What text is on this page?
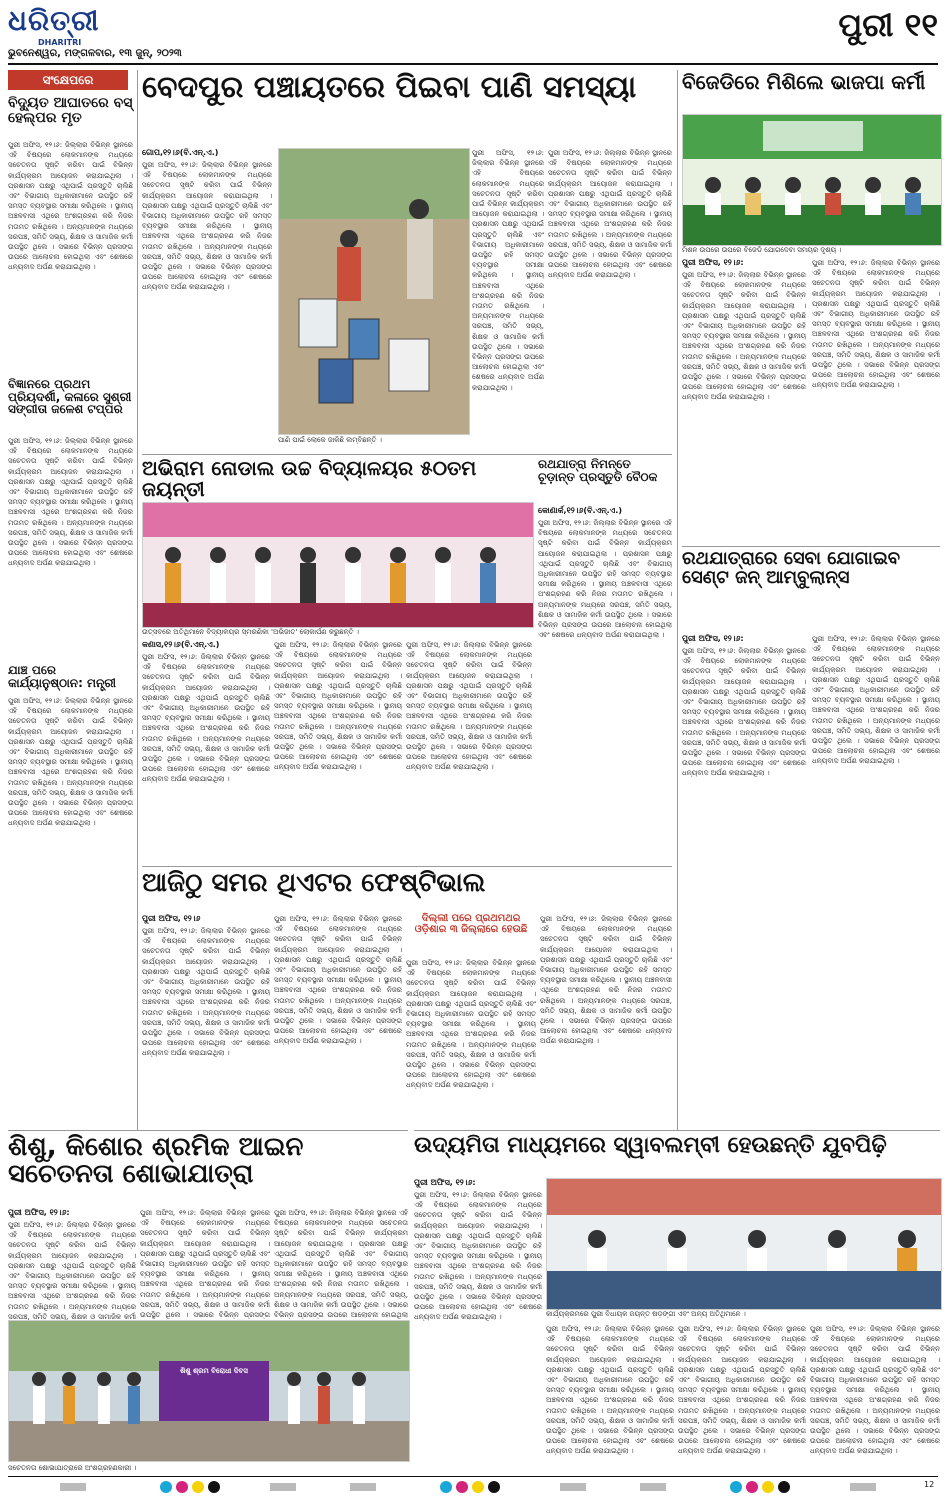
ଧରିତ୍ରୀ
DHARITRI	ପୁରୀ ୧୧
ଭୁବନେଶ୍ୱର, ମଙ୍ଗଳବାର, ୧୩ ଜୁନ୍, ୨୦୨୩
ସଂକ୍ଷେପରେ
ବିଦ୍ୟୁତ ଆଘାତରେ ବସ୍ ହେଲ୍ପର ମୃତ
ପୁରୀ ଅଫିସ, ୧୨।୬: ଜିଲ୍ଲାର ବିଭିନ୍ନ ସ୍ଥାନରେ ଏହି ବିଷୟରେ ଲୋକମାନଙ୍କ ମଧ୍ୟରେ ସଚେତନତା ସୃଷ୍ଟି କରିବା ପାଇଁ ବିଭିନ୍ନ କାର୍ଯ୍ୟକ୍ରମ ଆୟୋଜନ କରାଯାଇଥିଲା । ପ୍ରଶାସନ ପକ୍ଷରୁ ଏଥିପାଇଁ ପ୍ରସ୍ତୁତି ଚାଲିଛି ଏବଂ ବିଭାଗୀୟ ଅଧିକାରୀମାନେ ଉପସ୍ଥିତ ରହି ସମସ୍ତ ବ୍ୟବସ୍ଥାର ସମୀକ୍ଷା କରିଥିଲେ । ସ୍ଥାନୀୟ ଅଞ୍ଚଳବାସୀ ଏଥିରେ ଅଂଶଗ୍ରହଣ କରି ନିଜର ମତାମତ ରଖିଥିଲେ । ଅନ୍ୟମାନଙ୍କ ମଧ୍ୟରେ ସରପଞ୍ଚ, ସମିତି ସଭ୍ୟ, ଶିକ୍ଷକ ଓ ସାମାଜିକ କର୍ମୀ ଉପସ୍ଥିତ ଥିଲେ । ସଭାରେ ବିଭିନ୍ନ ପ୍ରସଙ୍ଗ ଉପରେ ଆଲୋଚନା ହୋଇଥିଲା ଏବଂ ଶେଷରେ ଧନ୍ୟବାଦ ଅର୍ପଣ କରାଯାଇଥିଲା ।
ବିଜ୍ଞାନରେ ପ୍ରଥମ ପ୍ରିୟଦର୍ଶୀ, କଳାରେ ସୁଶ୍ରୀ ସଙ୍ଗୀତା ଜଳେଶ ଟପ୍ପର
ପୁରୀ ଅଫିସ, ୧୨।୬: ଜିଲ୍ଲାର ବିଭିନ୍ନ ସ୍ଥାନରେ ଏହି ବିଷୟରେ ଲୋକମାନଙ୍କ ମଧ୍ୟରେ ସଚେତନତା ସୃଷ୍ଟି କରିବା ପାଇଁ ବିଭିନ୍ନ କାର୍ଯ୍ୟକ୍ରମ ଆୟୋଜନ କରାଯାଇଥିଲା । ପ୍ରଶାସନ ପକ୍ଷରୁ ଏଥିପାଇଁ ପ୍ରସ୍ତୁତି ଚାଲିଛି ଏବଂ ବିଭାଗୀୟ ଅଧିକାରୀମାନେ ଉପସ୍ଥିତ ରହି ସମସ୍ତ ବ୍ୟବସ୍ଥାର ସମୀକ୍ଷା କରିଥିଲେ । ସ୍ଥାନୀୟ ଅଞ୍ଚଳବାସୀ ଏଥିରେ ଅଂଶଗ୍ରହଣ କରି ନିଜର ମତାମତ ରଖିଥିଲେ । ଅନ୍ୟମାନଙ୍କ ମଧ୍ୟରେ ସରପଞ୍ଚ, ସମିତି ସଭ୍ୟ, ଶିକ୍ଷକ ଓ ସାମାଜିକ କର୍ମୀ ଉପସ୍ଥିତ ଥିଲେ । ସଭାରେ ବିଭିନ୍ନ ପ୍ରସଙ୍ଗ ଉପରେ ଆଲୋଚନା ହୋଇଥିଲା ଏବଂ ଶେଷରେ ଧନ୍ୟବାଦ ଅର୍ପଣ କରାଯାଇଥିଲା ।
ଯାଞ୍ଚ ପରେ କାର୍ଯ୍ୟାନୁଷ୍ଠାନ: ମନ୍ତ୍ରୀ
ପୁରୀ ଅଫିସ, ୧୨।୬: ଜିଲ୍ଲାର ବିଭିନ୍ନ ସ୍ଥାନରେ ଏହି ବିଷୟରେ ଲୋକମାନଙ୍କ ମଧ୍ୟରେ ସଚେତନତା ସୃଷ୍ଟି କରିବା ପାଇଁ ବିଭିନ୍ନ କାର୍ଯ୍ୟକ୍ରମ ଆୟୋଜନ କରାଯାଇଥିଲା । ପ୍ରଶାସନ ପକ୍ଷରୁ ଏଥିପାଇଁ ପ୍ରସ୍ତୁତି ଚାଲିଛି ଏବଂ ବିଭାଗୀୟ ଅଧିକାରୀମାନେ ଉପସ୍ଥିତ ରହି ସମସ୍ତ ବ୍ୟବସ୍ଥାର ସମୀକ୍ଷା କରିଥିଲେ । ସ୍ଥାନୀୟ ଅଞ୍ଚଳବାସୀ ଏଥିରେ ଅଂଶଗ୍ରହଣ କରି ନିଜର ମତାମତ ରଖିଥିଲେ । ଅନ୍ୟମାନଙ୍କ ମଧ୍ୟରେ ସରପଞ୍ଚ, ସମିତି ସଭ୍ୟ, ଶିକ୍ଷକ ଓ ସାମାଜିକ କର୍ମୀ ଉପସ୍ଥିତ ଥିଲେ । ସଭାରେ ବିଭିନ୍ନ ପ୍ରସଙ୍ଗ ଉପରେ ଆଲୋଚନା ହୋଇଥିଲା ଏବଂ ଶେଷରେ ଧନ୍ୟବାଦ ଅର୍ପଣ କରାଯାଇଥିଲା ।
ବେଦପୁର ପଞ୍ଚାୟତରେ ପିଇବା ପାଣି ସମସ୍ୟା
ଗୋପ,୧୨।୬(ବି.ଏନ୍.ଏ.)
ପୁରୀ ଅଫିସ, ୧୨।୬: ଜିଲ୍ଲାର ବିଭିନ୍ନ ସ୍ଥାନରେ ଏହି ବିଷୟରେ ଲୋକମାନଙ୍କ ମଧ୍ୟରେ ସଚେତନତା ସୃଷ୍ଟି କରିବା ପାଇଁ ବିଭିନ୍ନ କାର୍ଯ୍ୟକ୍ରମ ଆୟୋଜନ କରାଯାଇଥିଲା । ପ୍ରଶାସନ ପକ୍ଷରୁ ଏଥିପାଇଁ ପ୍ରସ୍ତୁତି ଚାଲିଛି ଏବଂ ବିଭାଗୀୟ ଅଧିକାରୀମାନେ ଉପସ୍ଥିତ ରହି ସମସ୍ତ ବ୍ୟବସ୍ଥାର ସମୀକ୍ଷା କରିଥିଲେ । ସ୍ଥାନୀୟ ଅଞ୍ଚଳବାସୀ ଏଥିରେ ଅଂଶଗ୍ରହଣ କରି ନିଜର ମତାମତ ରଖିଥିଲେ । ଅନ୍ୟମାନଙ୍କ ମଧ୍ୟରେ ସରପଞ୍ଚ, ସମିତି ସଭ୍ୟ, ଶିକ୍ଷକ ଓ ସାମାଜିକ କର୍ମୀ ଉପସ୍ଥିତ ଥିଲେ । ସଭାରେ ବିଭିନ୍ନ ପ୍ରସଙ୍ଗ ଉପରେ ଆଲୋଚନା ହୋଇଥିଲା ଏବଂ ଶେଷରେ ଧନ୍ୟବାଦ ଅର୍ପଣ କରାଯାଇଥିଲା ।
ପାଣି ପାଇଁ ଲୋକେ ଜାକିଛି ଲମ୍ବିଛନ୍ତି ।
ପୁରୀ ଅଫିସ, ୧୨।୬: ଜିଲ୍ଲାର ବିଭିନ୍ନ ସ୍ଥାନରେ ଏହି ବିଷୟରେ ଲୋକମାନଙ୍କ ମଧ୍ୟରେ ସଚେତନତା ସୃଷ୍ଟି କରିବା ପାଇଁ ବିଭିନ୍ନ କାର୍ଯ୍ୟକ୍ରମ ଆୟୋଜନ କରାଯାଇଥିଲା । ପ୍ରଶାସନ ପକ୍ଷରୁ ଏଥିପାଇଁ ପ୍ରସ୍ତୁତି ଚାଲିଛି ଏବଂ ବିଭାଗୀୟ ଅଧିକାରୀମାନେ ଉପସ୍ଥିତ ରହି ସମସ୍ତ ବ୍ୟବସ୍ଥାର ସମୀକ୍ଷା କରିଥିଲେ । ସ୍ଥାନୀୟ ଅଞ୍ଚଳବାସୀ ଏଥିରେ ଅଂଶଗ୍ରହଣ କରି ନିଜର ମତାମତ ରଖିଥିଲେ । ଅନ୍ୟମାନଙ୍କ ମଧ୍ୟରେ ସରପଞ୍ଚ, ସମିତି ସଭ୍ୟ, ଶିକ୍ଷକ ଓ ସାମାଜିକ କର୍ମୀ ଉପସ୍ଥିତ ଥିଲେ । ସଭାରେ ବିଭିନ୍ନ ପ୍ରସଙ୍ଗ ଉପରେ ଆଲୋଚନା ହୋଇଥିଲା ଏବଂ ଶେଷରେ ଧନ୍ୟବାଦ ଅର୍ପଣ କରାଯାଇଥିଲା ।
ପୁରୀ ଅଫିସ, ୧୨।୬: ଜିଲ୍ଲାର ବିଭିନ୍ନ ସ୍ଥାନରେ ଏହି ବିଷୟରେ ଲୋକମାନଙ୍କ ମଧ୍ୟରେ ସଚେତନତା ସୃଷ୍ଟି କରିବା ପାଇଁ ବିଭିନ୍ନ କାର୍ଯ୍ୟକ୍ରମ ଆୟୋଜନ କରାଯାଇଥିଲା । ପ୍ରଶାସନ ପକ୍ଷରୁ ଏଥିପାଇଁ ପ୍ରସ୍ତୁତି ଚାଲିଛି ଏବଂ ବିଭାଗୀୟ ଅଧିକାରୀମାନେ ଉପସ୍ଥିତ ରହି ସମସ୍ତ ବ୍ୟବସ୍ଥାର ସମୀକ୍ଷା କରିଥିଲେ । ସ୍ଥାନୀୟ ଅଞ୍ଚଳବାସୀ ଏଥିରେ ଅଂଶଗ୍ରହଣ କରି ନିଜର ମତାମତ ରଖିଥିଲେ । ଅନ୍ୟମାନଙ୍କ ମଧ୍ୟରେ ସରପଞ୍ଚ, ସମିତି ସଭ୍ୟ, ଶିକ୍ଷକ ଓ ସାମାଜିକ କର୍ମୀ ଉପସ୍ଥିତ ଥିଲେ । ସଭାରେ ବିଭିନ୍ନ ପ୍ରସଙ୍ଗ ଉପରେ ଆଲୋଚନା ହୋଇଥିଲା ଏବଂ ଶେଷରେ ଧନ୍ୟବାଦ ଅର୍ପଣ କରାଯାଇଥିଲା ।
ବିଜେଡିରେ ମିଶିଲେ ଭାଜପା କର୍ମୀ
ମିଶନ ଉପରେ ଉପରେ ବିଜେଡି ଯୋଗଦେବା ସମୟର ଦୃଶ୍ୟ ।
ପୁରୀ ଅଫିସ, ୧୨।୬:
ପୁରୀ ଅଫିସ, ୧୨।୬: ଜିଲ୍ଲାର ବିଭିନ୍ନ ସ୍ଥାନରେ ଏହି ବିଷୟରେ ଲୋକମାନଙ୍କ ମଧ୍ୟରେ ସଚେତନତା ସୃଷ୍ଟି କରିବା ପାଇଁ ବିଭିନ୍ନ କାର୍ଯ୍ୟକ୍ରମ ଆୟୋଜନ କରାଯାଇଥିଲା । ପ୍ରଶାସନ ପକ୍ଷରୁ ଏଥିପାଇଁ ପ୍ରସ୍ତୁତି ଚାଲିଛି ଏବଂ ବିଭାଗୀୟ ଅଧିକାରୀମାନେ ଉପସ୍ଥିତ ରହି ସମସ୍ତ ବ୍ୟବସ୍ଥାର ସମୀକ୍ଷା କରିଥିଲେ । ସ୍ଥାନୀୟ ଅଞ୍ଚଳବାସୀ ଏଥିରେ ଅଂଶଗ୍ରହଣ କରି ନିଜର ମତାମତ ରଖିଥିଲେ । ଅନ୍ୟମାନଙ୍କ ମଧ୍ୟରେ ସରପଞ୍ଚ, ସମିତି ସଭ୍ୟ, ଶିକ୍ଷକ ଓ ସାମାଜିକ କର୍ମୀ ଉପସ୍ଥିତ ଥିଲେ । ସଭାରେ ବିଭିନ୍ନ ପ୍ରସଙ୍ଗ ଉପରେ ଆଲୋଚନା ହୋଇଥିଲା ଏବଂ ଶେଷରେ ଧନ୍ୟବାଦ ଅର୍ପଣ କରାଯାଇଥିଲା ।
ପୁରୀ ଅଫିସ, ୧୨।୬: ଜିଲ୍ଲାର ବିଭିନ୍ନ ସ୍ଥାନରେ ଏହି ବିଷୟରେ ଲୋକମାନଙ୍କ ମଧ୍ୟରେ ସଚେତନତା ସୃଷ୍ଟି କରିବା ପାଇଁ ବିଭିନ୍ନ କାର୍ଯ୍ୟକ୍ରମ ଆୟୋଜନ କରାଯାଇଥିଲା । ପ୍ରଶାସନ ପକ୍ଷରୁ ଏଥିପାଇଁ ପ୍ରସ୍ତୁତି ଚାଲିଛି ଏବଂ ବିଭାଗୀୟ ଅଧିକାରୀମାନେ ଉପସ୍ଥିତ ରହି ସମସ୍ତ ବ୍ୟବସ୍ଥାର ସମୀକ୍ଷା କରିଥିଲେ । ସ୍ଥାନୀୟ ଅଞ୍ଚଳବାସୀ ଏଥିରେ ଅଂଶଗ୍ରହଣ କରି ନିଜର ମତାମତ ରଖିଥିଲେ । ଅନ୍ୟମାନଙ୍କ ମଧ୍ୟରେ ସରପଞ୍ଚ, ସମିତି ସଭ୍ୟ, ଶିକ୍ଷକ ଓ ସାମାଜିକ କର୍ମୀ ଉପସ୍ଥିତ ଥିଲେ । ସଭାରେ ବିଭିନ୍ନ ପ୍ରସଙ୍ଗ ଉପରେ ଆଲୋଚନା ହୋଇଥିଲା ଏବଂ ଶେଷରେ ଧନ୍ୟବାଦ ଅର୍ପଣ କରାଯାଇଥିଲା ।
ଅଭିରାମ ନୋଡାଲ ଉଚ୍ଚ ବିଦ୍ୟାଳୟର ୫୦ତମ ଜୟନ୍ତୀ
ଉତ୍ସବରେ ଅତିଥିମାନେ ବିଦ୍ୟାଳୟର ସ୍ମରଣିକା 'ଅଭିଜାତ' ଲୋକାର୍ପଣ କରୁଛନ୍ତି ।
କଣାସ,୧୨।୬(ବି.ଏନ୍.ଏ.)
ପୁରୀ ଅଫିସ, ୧୨।୬: ଜିଲ୍ଲାର ବିଭିନ୍ନ ସ୍ଥାନରେ ଏହି ବିଷୟରେ ଲୋକମାନଙ୍କ ମଧ୍ୟରେ ସଚେତନତା ସୃଷ୍ଟି କରିବା ପାଇଁ ବିଭିନ୍ନ କାର୍ଯ୍ୟକ୍ରମ ଆୟୋଜନ କରାଯାଇଥିଲା । ପ୍ରଶାସନ ପକ୍ଷରୁ ଏଥିପାଇଁ ପ୍ରସ୍ତୁତି ଚାଲିଛି ଏବଂ ବିଭାଗୀୟ ଅଧିକାରୀମାନେ ଉପସ୍ଥିତ ରହି ସମସ୍ତ ବ୍ୟବସ୍ଥାର ସମୀକ୍ଷା କରିଥିଲେ । ସ୍ଥାନୀୟ ଅଞ୍ଚଳବାସୀ ଏଥିରେ ଅଂଶଗ୍ରହଣ କରି ନିଜର ମତାମତ ରଖିଥିଲେ । ଅନ୍ୟମାନଙ୍କ ମଧ୍ୟରେ ସରପଞ୍ଚ, ସମିତି ସଭ୍ୟ, ଶିକ୍ଷକ ଓ ସାମାଜିକ କର୍ମୀ ଉପସ୍ଥିତ ଥିଲେ । ସଭାରେ ବିଭିନ୍ନ ପ୍ରସଙ୍ଗ ଉପରେ ଆଲୋଚନା ହୋଇଥିଲା ଏବଂ ଶେଷରେ ଧନ୍ୟବାଦ ଅର୍ପଣ କରାଯାଇଥିଲା ।
ପୁରୀ ଅଫିସ, ୧୨।୬: ଜିଲ୍ଲାର ବିଭିନ୍ନ ସ୍ଥାନରେ ଏହି ବିଷୟରେ ଲୋକମାନଙ୍କ ମଧ୍ୟରେ ସଚେତନତା ସୃଷ୍ଟି କରିବା ପାଇଁ ବିଭିନ୍ନ କାର୍ଯ୍ୟକ୍ରମ ଆୟୋଜନ କରାଯାଇଥିଲା । ପ୍ରଶାସନ ପକ୍ଷରୁ ଏଥିପାଇଁ ପ୍ରସ୍ତୁତି ଚାଲିଛି ଏବଂ ବିଭାଗୀୟ ଅଧିକାରୀମାନେ ଉପସ୍ଥିତ ରହି ସମସ୍ତ ବ୍ୟବସ୍ଥାର ସମୀକ୍ଷା କରିଥିଲେ । ସ୍ଥାନୀୟ ଅଞ୍ଚଳବାସୀ ଏଥିରେ ଅଂଶଗ୍ରହଣ କରି ନିଜର ମତାମତ ରଖିଥିଲେ । ଅନ୍ୟମାନଙ୍କ ମଧ୍ୟରେ ସରପଞ୍ଚ, ସମିତି ସଭ୍ୟ, ଶିକ୍ଷକ ଓ ସାମାଜିକ କର୍ମୀ ଉପସ୍ଥିତ ଥିଲେ । ସଭାରେ ବିଭିନ୍ନ ପ୍ରସଙ୍ଗ ଉପରେ ଆଲୋଚନା ହୋଇଥିଲା ଏବଂ ଶେଷରେ ଧନ୍ୟବାଦ ଅର୍ପଣ କରାଯାଇଥିଲା ।
ପୁରୀ ଅଫିସ, ୧୨।୬: ଜିଲ୍ଲାର ବିଭିନ୍ନ ସ୍ଥାନରେ ଏହି ବିଷୟରେ ଲୋକମାନଙ୍କ ମଧ୍ୟରେ ସଚେତନତା ସୃଷ୍ଟି କରିବା ପାଇଁ ବିଭିନ୍ନ କାର୍ଯ୍ୟକ୍ରମ ଆୟୋଜନ କରାଯାଇଥିଲା । ପ୍ରଶାସନ ପକ୍ଷରୁ ଏଥିପାଇଁ ପ୍ରସ୍ତୁତି ଚାଲିଛି ଏବଂ ବିଭାଗୀୟ ଅଧିକାରୀମାନେ ଉପସ୍ଥିତ ରହି ସମସ୍ତ ବ୍ୟବସ୍ଥାର ସମୀକ୍ଷା କରିଥିଲେ । ସ୍ଥାନୀୟ ଅଞ୍ଚଳବାସୀ ଏଥିରେ ଅଂଶଗ୍ରହଣ କରି ନିଜର ମତାମତ ରଖିଥିଲେ । ଅନ୍ୟମାନଙ୍କ ମଧ୍ୟରେ ସରପଞ୍ଚ, ସମିତି ସଭ୍ୟ, ଶିକ୍ଷକ ଓ ସାମାଜିକ କର୍ମୀ ଉପସ୍ଥିତ ଥିଲେ । ସଭାରେ ବିଭିନ୍ନ ପ୍ରସଙ୍ଗ ଉପରେ ଆଲୋଚନା ହୋଇଥିଲା ଏବଂ ଶେଷରେ ଧନ୍ୟବାଦ ଅର୍ପଣ କରାଯାଇଥିଲା ।
ରଥଯାତ୍ରା ନିମନ୍ତେ ଚୂଡ଼ାନ୍ତ ପ୍ରସ୍ତୁତି ବୈଠକ
କୋଣାର୍କ,୧୨।୬(ବି.ଏନ୍.ଏ.)
ପୁରୀ ଅଫିସ, ୧୨।୬: ଜିଲ୍ଲାର ବିଭିନ୍ନ ସ୍ଥାନରେ ଏହି ବିଷୟରେ ଲୋକମାନଙ୍କ ମଧ୍ୟରେ ସଚେତନତା ସୃଷ୍ଟି କରିବା ପାଇଁ ବିଭିନ୍ନ କାର୍ଯ୍ୟକ୍ରମ ଆୟୋଜନ କରାଯାଇଥିଲା । ପ୍ରଶାସନ ପକ୍ଷରୁ ଏଥିପାଇଁ ପ୍ରସ୍ତୁତି ଚାଲିଛି ଏବଂ ବିଭାଗୀୟ ଅଧିକାରୀମାନେ ଉପସ୍ଥିତ ରହି ସମସ୍ତ ବ୍ୟବସ୍ଥାର ସମୀକ୍ଷା କରିଥିଲେ । ସ୍ଥାନୀୟ ଅଞ୍ଚଳବାସୀ ଏଥିରେ ଅଂଶଗ୍ରହଣ କରି ନିଜର ମତାମତ ରଖିଥିଲେ । ଅନ୍ୟମାନଙ୍କ ମଧ୍ୟରେ ସରପଞ୍ଚ, ସମିତି ସଭ୍ୟ, ଶିକ୍ଷକ ଓ ସାମାଜିକ କର୍ମୀ ଉପସ୍ଥିତ ଥିଲେ । ସଭାରେ ବିଭିନ୍ନ ପ୍ରସଙ୍ଗ ଉପରେ ଆଲୋଚନା ହୋଇଥିଲା ଏବଂ ଶେଷରେ ଧନ୍ୟବାଦ ଅର୍ପଣ କରାଯାଇଥିଲା ।
ରଥଯାତ୍ରାରେ ସେବା ଯୋଗାଇବ ସେଣ୍ଟ ଜନ୍ ଆମ୍ବୁଲାନ୍ସ
ପୁରୀ ଅଫିସ, ୧୨।୬:
ପୁରୀ ଅଫିସ, ୧୨।୬: ଜିଲ୍ଲାର ବିଭିନ୍ନ ସ୍ଥାନରେ ଏହି ବିଷୟରେ ଲୋକମାନଙ୍କ ମଧ୍ୟରେ ସଚେତନତା ସୃଷ୍ଟି କରିବା ପାଇଁ ବିଭିନ୍ନ କାର୍ଯ୍ୟକ୍ରମ ଆୟୋଜନ କରାଯାଇଥିଲା । ପ୍ରଶାସନ ପକ୍ଷରୁ ଏଥିପାଇଁ ପ୍ରସ୍ତୁତି ଚାଲିଛି ଏବଂ ବିଭାଗୀୟ ଅଧିକାରୀମାନେ ଉପସ୍ଥିତ ରହି ସମସ୍ତ ବ୍ୟବସ୍ଥାର ସମୀକ୍ଷା କରିଥିଲେ । ସ୍ଥାନୀୟ ଅଞ୍ଚଳବାସୀ ଏଥିରେ ଅଂଶଗ୍ରହଣ କରି ନିଜର ମତାମତ ରଖିଥିଲେ । ଅନ୍ୟମାନଙ୍କ ମଧ୍ୟରେ ସରପଞ୍ଚ, ସମିତି ସଭ୍ୟ, ଶିକ୍ଷକ ଓ ସାମାଜିକ କର୍ମୀ ଉପସ୍ଥିତ ଥିଲେ । ସଭାରେ ବିଭିନ୍ନ ପ୍ରସଙ୍ଗ ଉପରେ ଆଲୋଚନା ହୋଇଥିଲା ଏବଂ ଶେଷରେ ଧନ୍ୟବାଦ ଅର୍ପଣ କରାଯାଇଥିଲା ।
ପୁରୀ ଅଫିସ, ୧୨।୬: ଜିଲ୍ଲାର ବିଭିନ୍ନ ସ୍ଥାନରେ ଏହି ବିଷୟରେ ଲୋକମାନଙ୍କ ମଧ୍ୟରେ ସଚେତନତା ସୃଷ୍ଟି କରିବା ପାଇଁ ବିଭିନ୍ନ କାର୍ଯ୍ୟକ୍ରମ ଆୟୋଜନ କରାଯାଇଥିଲା । ପ୍ରଶାସନ ପକ୍ଷରୁ ଏଥିପାଇଁ ପ୍ରସ୍ତୁତି ଚାଲିଛି ଏବଂ ବିଭାଗୀୟ ଅଧିକାରୀମାନେ ଉପସ୍ଥିତ ରହି ସମସ୍ତ ବ୍ୟବସ୍ଥାର ସମୀକ୍ଷା କରିଥିଲେ । ସ୍ଥାନୀୟ ଅଞ୍ଚଳବାସୀ ଏଥିରେ ଅଂଶଗ୍ରହଣ କରି ନିଜର ମତାମତ ରଖିଥିଲେ । ଅନ୍ୟମାନଙ୍କ ମଧ୍ୟରେ ସରପଞ୍ଚ, ସମିତି ସଭ୍ୟ, ଶିକ୍ଷକ ଓ ସାମାଜିକ କର୍ମୀ ଉପସ୍ଥିତ ଥିଲେ । ସଭାରେ ବିଭିନ୍ନ ପ୍ରସଙ୍ଗ ଉପରେ ଆଲୋଚନା ହୋଇଥିଲା ଏବଂ ଶେଷରେ ଧନ୍ୟବାଦ ଅର୍ପଣ କରାଯାଇଥିଲା ।
ଆଜିଠୁ ସମର ଥିଏଟର ଫେଷ୍ଟିଭାଲ
ପୁରୀ ଅଫିସ, ୧୨।୬
ପୁରୀ ଅଫିସ, ୧୨।୬: ଜିଲ୍ଲାର ବିଭିନ୍ନ ସ୍ଥାନରେ ଏହି ବିଷୟରେ ଲୋକମାନଙ୍କ ମଧ୍ୟରେ ସଚେତନତା ସୃଷ୍ଟି କରିବା ପାଇଁ ବିଭିନ୍ନ କାର୍ଯ୍ୟକ୍ରମ ଆୟୋଜନ କରାଯାଇଥିଲା । ପ୍ରଶାସନ ପକ୍ଷରୁ ଏଥିପାଇଁ ପ୍ରସ୍ତୁତି ଚାଲିଛି ଏବଂ ବିଭାଗୀୟ ଅଧିକାରୀମାନେ ଉପସ୍ଥିତ ରହି ସମସ୍ତ ବ୍ୟବସ୍ଥାର ସମୀକ୍ଷା କରିଥିଲେ । ସ୍ଥାନୀୟ ଅଞ୍ଚଳବାସୀ ଏଥିରେ ଅଂଶଗ୍ରହଣ କରି ନିଜର ମତାମତ ରଖିଥିଲେ । ଅନ୍ୟମାନଙ୍କ ମଧ୍ୟରେ ସରପଞ୍ଚ, ସମିତି ସଭ୍ୟ, ଶିକ୍ଷକ ଓ ସାମାଜିକ କର୍ମୀ ଉପସ୍ଥିତ ଥିଲେ । ସଭାରେ ବିଭିନ୍ନ ପ୍ରସଙ୍ଗ ଉପରେ ଆଲୋଚନା ହୋଇଥିଲା ଏବଂ ଶେଷରେ ଧନ୍ୟବାଦ ଅର୍ପଣ କରାଯାଇଥିଲା ।
ପୁରୀ ଅଫିସ, ୧୨।୬: ଜିଲ୍ଲାର ବିଭିନ୍ନ ସ୍ଥାନରେ ଏହି ବିଷୟରେ ଲୋକମାନଙ୍କ ମଧ୍ୟରେ ସଚେତନତା ସୃଷ୍ଟି କରିବା ପାଇଁ ବିଭିନ୍ନ କାର୍ଯ୍ୟକ୍ରମ ଆୟୋଜନ କରାଯାଇଥିଲା । ପ୍ରଶାସନ ପକ୍ଷରୁ ଏଥିପାଇଁ ପ୍ରସ୍ତୁତି ଚାଲିଛି ଏବଂ ବିଭାଗୀୟ ଅଧିକାରୀମାନେ ଉପସ୍ଥିତ ରହି ସମସ୍ତ ବ୍ୟବସ୍ଥାର ସମୀକ୍ଷା କରିଥିଲେ । ସ୍ଥାନୀୟ ଅଞ୍ଚଳବାସୀ ଏଥିରେ ଅଂଶଗ୍ରହଣ କରି ନିଜର ମତାମତ ରଖିଥିଲେ । ଅନ୍ୟମାନଙ୍କ ମଧ୍ୟରେ ସରପଞ୍ଚ, ସମିତି ସଭ୍ୟ, ଶିକ୍ଷକ ଓ ସାମାଜିକ କର୍ମୀ ଉପସ୍ଥିତ ଥିଲେ । ସଭାରେ ବିଭିନ୍ନ ପ୍ରସଙ୍ଗ ଉପରେ ଆଲୋଚନା ହୋଇଥିଲା ଏବଂ ଶେଷରେ ଧନ୍ୟବାଦ ଅର୍ପଣ କରାଯାଇଥିଲା ।
ଦିଲ୍ଲୀ ପରେ ପ୍ରଥମଥର ଓଡ଼ିଶାର ୩ ଜିଲ୍ଲାରେ ହେଉଛି
ପୁରୀ ଅଫିସ, ୧୨।୬: ଜିଲ୍ଲାର ବିଭିନ୍ନ ସ୍ଥାନରେ ଏହି ବିଷୟରେ ଲୋକମାନଙ୍କ ମଧ୍ୟରେ ସଚେତନତା ସୃଷ୍ଟି କରିବା ପାଇଁ ବିଭିନ୍ନ କାର୍ଯ୍ୟକ୍ରମ ଆୟୋଜନ କରାଯାଇଥିଲା । ପ୍ରଶାସନ ପକ୍ଷରୁ ଏଥିପାଇଁ ପ୍ରସ୍ତୁତି ଚାଲିଛି ଏବଂ ବିଭାଗୀୟ ଅଧିକାରୀମାନେ ଉପସ୍ଥିତ ରହି ସମସ୍ତ ବ୍ୟବସ୍ଥାର ସମୀକ୍ଷା କରିଥିଲେ । ସ୍ଥାନୀୟ ଅଞ୍ଚଳବାସୀ ଏଥିରେ ଅଂଶଗ୍ରହଣ କରି ନିଜର ମତାମତ ରଖିଥିଲେ । ଅନ୍ୟମାନଙ୍କ ମଧ୍ୟରେ ସରପଞ୍ଚ, ସମିତି ସଭ୍ୟ, ଶିକ୍ଷକ ଓ ସାମାଜିକ କର୍ମୀ ଉପସ୍ଥିତ ଥିଲେ । ସଭାରେ ବିଭିନ୍ନ ପ୍ରସଙ୍ଗ ଉପରେ ଆଲୋଚନା ହୋଇଥିଲା ଏବଂ ଶେଷରେ ଧନ୍ୟବାଦ ଅର୍ପଣ କରାଯାଇଥିଲା ।
ପୁରୀ ଅଫିସ, ୧୨।୬: ଜିଲ୍ଲାର ବିଭିନ୍ନ ସ୍ଥାନରେ ଏହି ବିଷୟରେ ଲୋକମାନଙ୍କ ମଧ୍ୟରେ ସଚେତନତା ସୃଷ୍ଟି କରିବା ପାଇଁ ବିଭିନ୍ନ କାର୍ଯ୍ୟକ୍ରମ ଆୟୋଜନ କରାଯାଇଥିଲା । ପ୍ରଶାସନ ପକ୍ଷରୁ ଏଥିପାଇଁ ପ୍ରସ୍ତୁତି ଚାଲିଛି ଏବଂ ବିଭାଗୀୟ ଅଧିକାରୀମାନେ ଉପସ୍ଥିତ ରହି ସମସ୍ତ ବ୍ୟବସ୍ଥାର ସମୀକ୍ଷା କରିଥିଲେ । ସ୍ଥାନୀୟ ଅଞ୍ଚଳବାସୀ ଏଥିରେ ଅଂଶଗ୍ରହଣ କରି ନିଜର ମତାମତ ରଖିଥିଲେ । ଅନ୍ୟମାନଙ୍କ ମଧ୍ୟରେ ସରପଞ୍ଚ, ସମିତି ସଭ୍ୟ, ଶିକ୍ଷକ ଓ ସାମାଜିକ କର୍ମୀ ଉପସ୍ଥିତ ଥିଲେ । ସଭାରେ ବିଭିନ୍ନ ପ୍ରସଙ୍ଗ ଉପରେ ଆଲୋଚନା ହୋଇଥିଲା ଏବଂ ଶେଷରେ ଧନ୍ୟବାଦ ଅର୍ପଣ କରାଯାଇଥିଲା ।
ଶିଶୁ, କିଶୋର ଶ୍ରମିକ ଆଇନ ସଚେତନତା ଶୋଭାଯାତ୍ରା
ପୁରୀ ଅଫିସ, ୧୨।୬:
ପୁରୀ ଅଫିସ, ୧୨।୬: ଜିଲ୍ଲାର ବିଭିନ୍ନ ସ୍ଥାନରେ ଏହି ବିଷୟରେ ଲୋକମାନଙ୍କ ମଧ୍ୟରେ ସଚେତନତା ସୃଷ୍ଟି କରିବା ପାଇଁ ବିଭିନ୍ନ କାର୍ଯ୍ୟକ୍ରମ ଆୟୋଜନ କରାଯାଇଥିଲା । ପ୍ରଶାସନ ପକ୍ଷରୁ ଏଥିପାଇଁ ପ୍ରସ୍ତୁତି ଚାଲିଛି ଏବଂ ବିଭାଗୀୟ ଅଧିକାରୀମାନେ ଉପସ୍ଥିତ ରହି ସମସ୍ତ ବ୍ୟବସ୍ଥାର ସମୀକ୍ଷା କରିଥିଲେ । ସ୍ଥାନୀୟ ଅଞ୍ଚଳବାସୀ ଏଥିରେ ଅଂଶଗ୍ରହଣ କରି ନିଜର ମତାମତ ରଖିଥିଲେ । ଅନ୍ୟମାନଙ୍କ ମଧ୍ୟରେ ସରପଞ୍ଚ, ସମିତି ସଭ୍ୟ, ଶିକ୍ଷକ ଓ ସାମାଜିକ କର୍ମୀ
ପୁରୀ ଅଫିସ, ୧୨।୬: ଜିଲ୍ଲାର ବିଭିନ୍ନ ସ୍ଥାନରେ ଏହି ବିଷୟରେ ଲୋକମାନଙ୍କ ମଧ୍ୟରେ ସଚେତନତା ସୃଷ୍ଟି କରିବା ପାଇଁ ବିଭିନ୍ନ କାର୍ଯ୍ୟକ୍ରମ ଆୟୋଜନ କରାଯାଇଥିଲା । ପ୍ରଶାସନ ପକ୍ଷରୁ ଏଥିପାଇଁ ପ୍ରସ୍ତୁତି ଚାଲିଛି ଏବଂ ବିଭାଗୀୟ ଅଧିକାରୀମାନେ ଉପସ୍ଥିତ ରହି ସମସ୍ତ ବ୍ୟବସ୍ଥାର ସମୀକ୍ଷା କରିଥିଲେ । ସ୍ଥାନୀୟ ଅଞ୍ଚଳବାସୀ ଏଥିରେ ଅଂଶଗ୍ରହଣ କରି ନିଜର ମତାମତ ରଖିଥିଲେ । ଅନ୍ୟମାନଙ୍କ ମଧ୍ୟରେ ସରପଞ୍ଚ, ସମିତି ସଭ୍ୟ, ଶିକ୍ଷକ ଓ ସାମାଜିକ କର୍ମୀ ଉପସ୍ଥିତ ଥିଲେ । ସଭାରେ ବିଭିନ୍ନ ପ୍ରସଙ୍ଗ
ପୁରୀ ଅଫିସ, ୧୨।୬: ଜିଲ୍ଲାର ବିଭିନ୍ନ ସ୍ଥାନରେ ଏହି ବିଷୟରେ ଲୋକମାନଙ୍କ ମଧ୍ୟରେ ସଚେତନତା ସୃଷ୍ଟି କରିବା ପାଇଁ ବିଭିନ୍ନ କାର୍ଯ୍ୟକ୍ରମ ଆୟୋଜନ କରାଯାଇଥିଲା । ପ୍ରଶାସନ ପକ୍ଷରୁ ଏଥିପାଇଁ ପ୍ରସ୍ତୁତି ଚାଲିଛି ଏବଂ ବିଭାଗୀୟ ଅଧିକାରୀମାନେ ଉପସ୍ଥିତ ରହି ସମସ୍ତ ବ୍ୟବସ୍ଥାର ସମୀକ୍ଷା କରିଥିଲେ । ସ୍ଥାନୀୟ ଅଞ୍ଚଳବାସୀ ଏଥିରେ ଅଂଶଗ୍ରହଣ କରି ନିଜର ମତାମତ ରଖିଥିଲେ । ଅନ୍ୟମାନଙ୍କ ମଧ୍ୟରେ ସରପଞ୍ଚ, ସମିତି ସଭ୍ୟ, ଶିକ୍ଷକ ଓ ସାମାଜିକ କର୍ମୀ ଉପସ୍ଥିତ ଥିଲେ । ସଭାରେ ବିଭିନ୍ନ ପ୍ରସଙ୍ଗ ଉପରେ ଆଲୋଚନା ହୋଇଥିଲା
ଶିଶୁ ଶ୍ରମ ବିରୋଧୀ ଦିବସ
ସଚେତନତା ଶୋଭାଯାତ୍ରାରେ ଅଂଶଗ୍ରହଣକାରୀ ।
ଉଦ୍ୟମିତା ମାଧ୍ୟମରେ ସ୍ୱାବଲମ୍ବୀ ହେଉଛନ୍ତି ଯୁବପିଢ଼ି
ପୁରୀ ଅଫିସ, ୧୨।୬:
ପୁରୀ ଅଫିସ, ୧୨।୬: ଜିଲ୍ଲାର ବିଭିନ୍ନ ସ୍ଥାନରେ ଏହି ବିଷୟରେ ଲୋକମାନଙ୍କ ମଧ୍ୟରେ ସଚେତନତା ସୃଷ୍ଟି କରିବା ପାଇଁ ବିଭିନ୍ନ କାର୍ଯ୍ୟକ୍ରମ ଆୟୋଜନ କରାଯାଇଥିଲା । ପ୍ରଶାସନ ପକ୍ଷରୁ ଏଥିପାଇଁ ପ୍ରସ୍ତୁତି ଚାଲିଛି ଏବଂ ବିଭାଗୀୟ ଅଧିକାରୀମାନେ ଉପସ୍ଥିତ ରହି ସମସ୍ତ ବ୍ୟବସ୍ଥାର ସମୀକ୍ଷା କରିଥିଲେ । ସ୍ଥାନୀୟ ଅଞ୍ଚଳବାସୀ ଏଥିରେ ଅଂଶଗ୍ରହଣ କରି ନିଜର ମତାମତ ରଖିଥିଲେ । ଅନ୍ୟମାନଙ୍କ ମଧ୍ୟରେ ସରପଞ୍ଚ, ସମିତି ସଭ୍ୟ, ଶିକ୍ଷକ ଓ ସାମାଜିକ କର୍ମୀ ଉପସ୍ଥିତ ଥିଲେ । ସଭାରେ ବିଭିନ୍ନ ପ୍ରସଙ୍ଗ ଉପରେ ଆଲୋଚନା ହୋଇଥିଲା ଏବଂ ଶେଷରେ ଧନ୍ୟବାଦ ଅର୍ପଣ କରାଯାଇଥିଲା ।	କାର୍ଯ୍ୟକ୍ରମରେ ପୁରୀ ବିଧାୟକ ଜୟନ୍ତ ଷଡ଼ଙ୍ଗୀ ଏବଂ ଅନ୍ୟ ଅତିଥିମାନେ ।
ପୁରୀ ଅଫିସ, ୧୨।୬: ଜିଲ୍ଲାର ବିଭିନ୍ନ ସ୍ଥାନରେ ଏହି ବିଷୟରେ ଲୋକମାନଙ୍କ ମଧ୍ୟରେ ସଚେତନତା ସୃଷ୍ଟି କରିବା ପାଇଁ ବିଭିନ୍ନ କାର୍ଯ୍ୟକ୍ରମ ଆୟୋଜନ କରାଯାଇଥିଲା । ପ୍ରଶାସନ ପକ୍ଷରୁ ଏଥିପାଇଁ ପ୍ରସ୍ତୁତି ଚାଲିଛି ଏବଂ ବିଭାଗୀୟ ଅଧିକାରୀମାନେ ଉପସ୍ଥିତ ରହି ସମସ୍ତ ବ୍ୟବସ୍ଥାର ସମୀକ୍ଷା କରିଥିଲେ । ସ୍ଥାନୀୟ ଅଞ୍ଚଳବାସୀ ଏଥିରେ ଅଂଶଗ୍ରହଣ କରି ନିଜର ମତାମତ ରଖିଥିଲେ । ଅନ୍ୟମାନଙ୍କ ମଧ୍ୟରେ ସରପଞ୍ଚ, ସମିତି ସଭ୍ୟ, ଶିକ୍ଷକ ଓ ସାମାଜିକ କର୍ମୀ ଉପସ୍ଥିତ ଥିଲେ । ସଭାରେ ବିଭିନ୍ନ ପ୍ରସଙ୍ଗ ଉପରେ ଆଲୋଚନା ହୋଇଥିଲା ଏବଂ ଶେଷରେ ଧନ୍ୟବାଦ ଅର୍ପଣ କରାଯାଇଥିଲା ।
ପୁରୀ ଅଫିସ, ୧୨।୬: ଜିଲ୍ଲାର ବିଭିନ୍ନ ସ୍ଥାନରେ ଏହି ବିଷୟରେ ଲୋକମାନଙ୍କ ମଧ୍ୟରେ ସଚେତନତା ସୃଷ୍ଟି କରିବା ପାଇଁ ବିଭିନ୍ନ କାର୍ଯ୍ୟକ୍ରମ ଆୟୋଜନ କରାଯାଇଥିଲା । ପ୍ରଶାସନ ପକ୍ଷରୁ ଏଥିପାଇଁ ପ୍ରସ୍ତୁତି ଚାଲିଛି ଏବଂ ବିଭାଗୀୟ ଅଧିକାରୀମାନେ ଉପସ୍ଥିତ ରହି ସମସ୍ତ ବ୍ୟବସ୍ଥାର ସମୀକ୍ଷା କରିଥିଲେ । ସ୍ଥାନୀୟ ଅଞ୍ଚଳବାସୀ ଏଥିରେ ଅଂଶଗ୍ରହଣ କରି ନିଜର ମତାମତ ରଖିଥିଲେ । ଅନ୍ୟମାନଙ୍କ ମଧ୍ୟରେ ସରପଞ୍ଚ, ସମିତି ସଭ୍ୟ, ଶିକ୍ଷକ ଓ ସାମାଜିକ କର୍ମୀ ଉପସ୍ଥିତ ଥିଲେ । ସଭାରେ ବିଭିନ୍ନ ପ୍ରସଙ୍ଗ ଉପରେ ଆଲୋଚନା ହୋଇଥିଲା ଏବଂ ଶେଷରେ ଧନ୍ୟବାଦ ଅର୍ପଣ କରାଯାଇଥିଲା ।
ପୁରୀ ଅଫିସ, ୧୨।୬: ଜିଲ୍ଲାର ବିଭିନ୍ନ ସ୍ଥାନରେ ଏହି ବିଷୟରେ ଲୋକମାନଙ୍କ ମଧ୍ୟରେ ସଚେତନତା ସୃଷ୍ଟି କରିବା ପାଇଁ ବିଭିନ୍ନ କାର୍ଯ୍ୟକ୍ରମ ଆୟୋଜନ କରାଯାଇଥିଲା । ପ୍ରଶାସନ ପକ୍ଷରୁ ଏଥିପାଇଁ ପ୍ରସ୍ତୁତି ଚାଲିଛି ଏବଂ ବିଭାଗୀୟ ଅଧିକାରୀମାନେ ଉପସ୍ଥିତ ରହି ସମସ୍ତ ବ୍ୟବସ୍ଥାର ସମୀକ୍ଷା କରିଥିଲେ । ସ୍ଥାନୀୟ ଅଞ୍ଚଳବାସୀ ଏଥିରେ ଅଂଶଗ୍ରହଣ କରି ନିଜର ମତାମତ ରଖିଥିଲେ । ଅନ୍ୟମାନଙ୍କ ମଧ୍ୟରେ ସରପଞ୍ଚ, ସମିତି ସଭ୍ୟ, ଶିକ୍ଷକ ଓ ସାମାଜିକ କର୍ମୀ ଉପସ୍ଥିତ ଥିଲେ । ସଭାରେ ବିଭିନ୍ନ ପ୍ରସଙ୍ଗ ଉପରେ ଆଲୋଚନା ହୋଇଥିଲା ଏବଂ ଶେଷରେ ଧନ୍ୟବାଦ ଅର୍ପଣ କରାଯାଇଥିଲା ।
12
